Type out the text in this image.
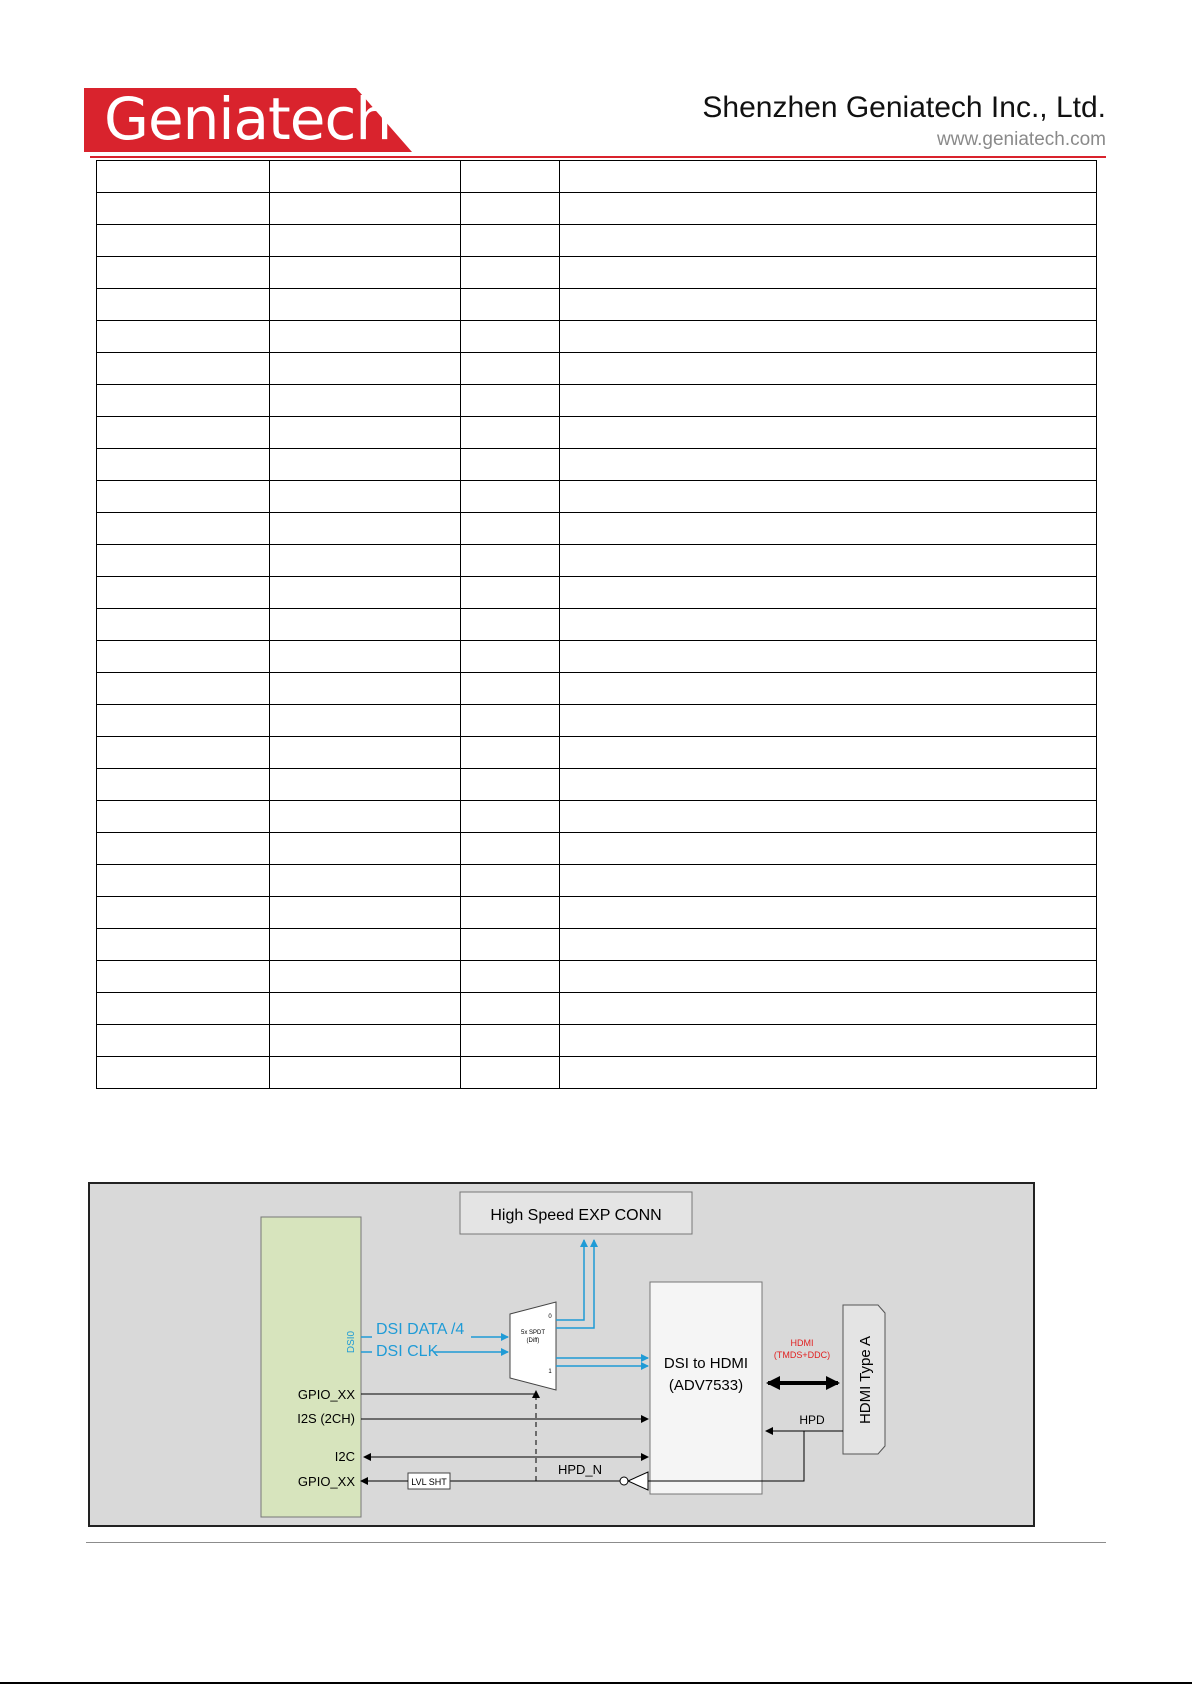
Geniatech	Shenzhen Geniatech Inc., Ltd.
www.geniatech.com

High Speed EXP CONN
DSI0
DSI DATA /4
DSI CLK
5x SPDT
(Diff)
0
1	DSI to HDMI
(ADV7533)	HDMI Type A
HDMI
(TMDS+DDC)
HPD
HPD_N
LVL SHT
GPIO_XX
I2S (2CH)
I2C
GPIO_XX
